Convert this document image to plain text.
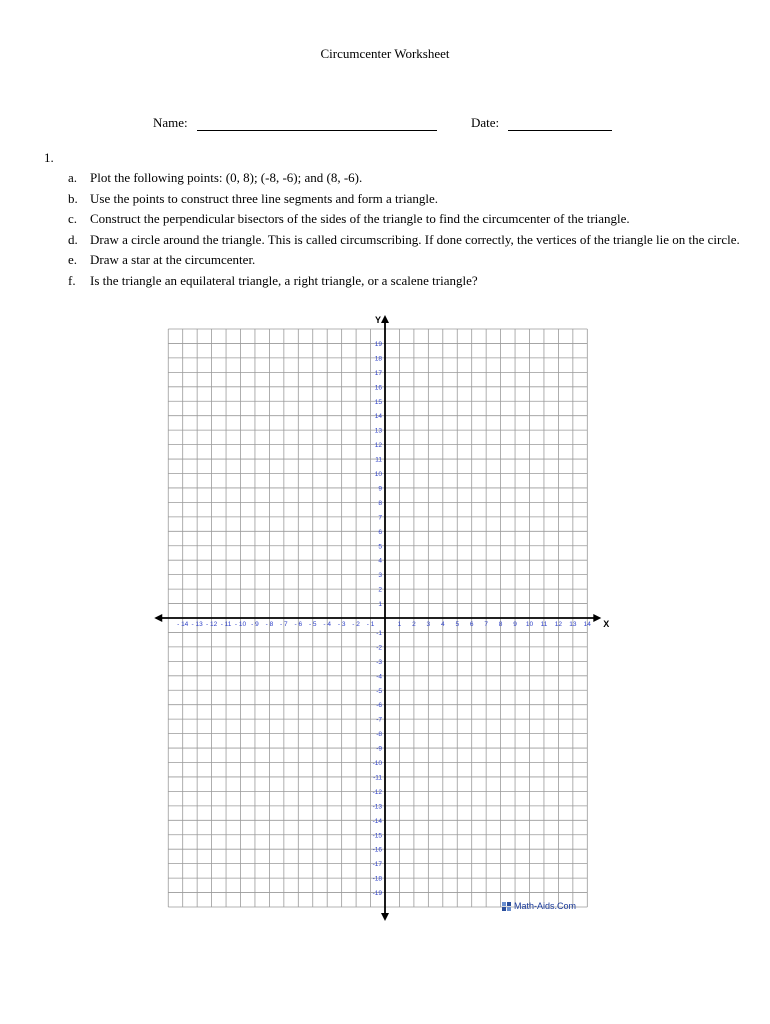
Circumcenter Worksheet
Name:	Date:
1.
a. Plot the following points: (0, 8); (-8, -6); and (8, -6).
b. Use the points to construct three line segments and form a triangle.
c. Construct the perpendicular bisectors of the sides of the triangle to find the circumcenter of the triangle.
d. Draw a circle around the triangle. This is called circumscribing. If done correctly, the vertices of the triangle lie on the circle.
e. Draw a star at the circumcenter.
f.	Is the triangle an equilateral triangle, a right triangle, or a scalene triangle?
X
Y
- 14 - 13 - 12 - 11 - 10 - 9 - 8 - 7 - 6 - 5 - 4 - 3 - 2 - 1	1 2 3 4 5 6 7 8 9 10 11 12 13 14
-19
-18
-17
-16
-15
-14
-13
-12
-11
-10
-9
-8
-7
-6
-5
-4
-3
-2
-1
1
2
3
4
5
6
7
8
9
10
11
12
13
14
15
16
17
18
19
Math-Aids.Com
